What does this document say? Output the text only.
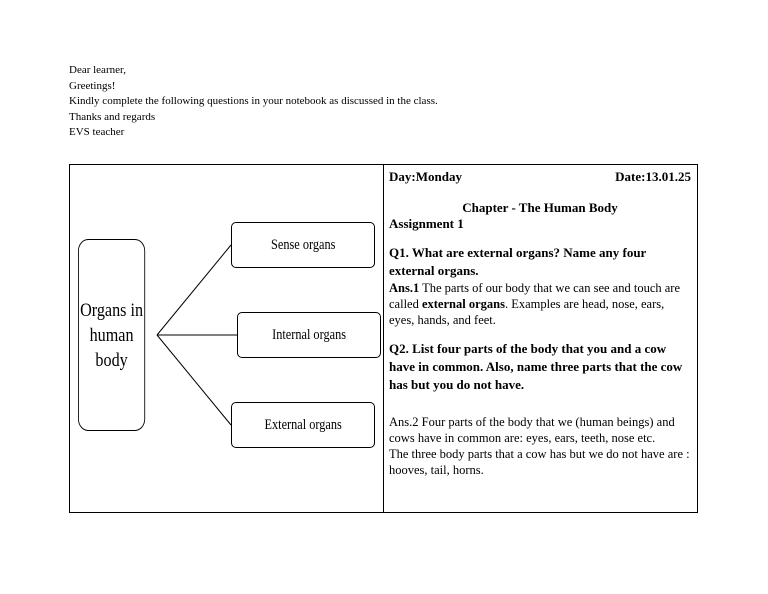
Dear learner,
Greetings!
Kindly complete the following questions in your notebook as discussed in the class.
Thanks and regards
EVS teacher
Organs in
human
body
Sense organs
Internal organs
External organs
Day:Monday	Date:13.01.25
Chapter - The Human Body
Assignment 1
Q1. What are external organs? Name any four external organs.
Ans.1 The parts of our body that we can see and touch are called external organs. Examples are head, nose, ears, eyes, hands, and feet.
Q2. List four parts of the body that you and a cow have in common. Also, name three parts that the cow has but you do not have.
Ans.2 Four parts of the body that we (human beings) and cows have in common are: eyes, ears, teeth, nose etc.
The three body parts that a cow has but we do not have are : hooves, tail, horns.
